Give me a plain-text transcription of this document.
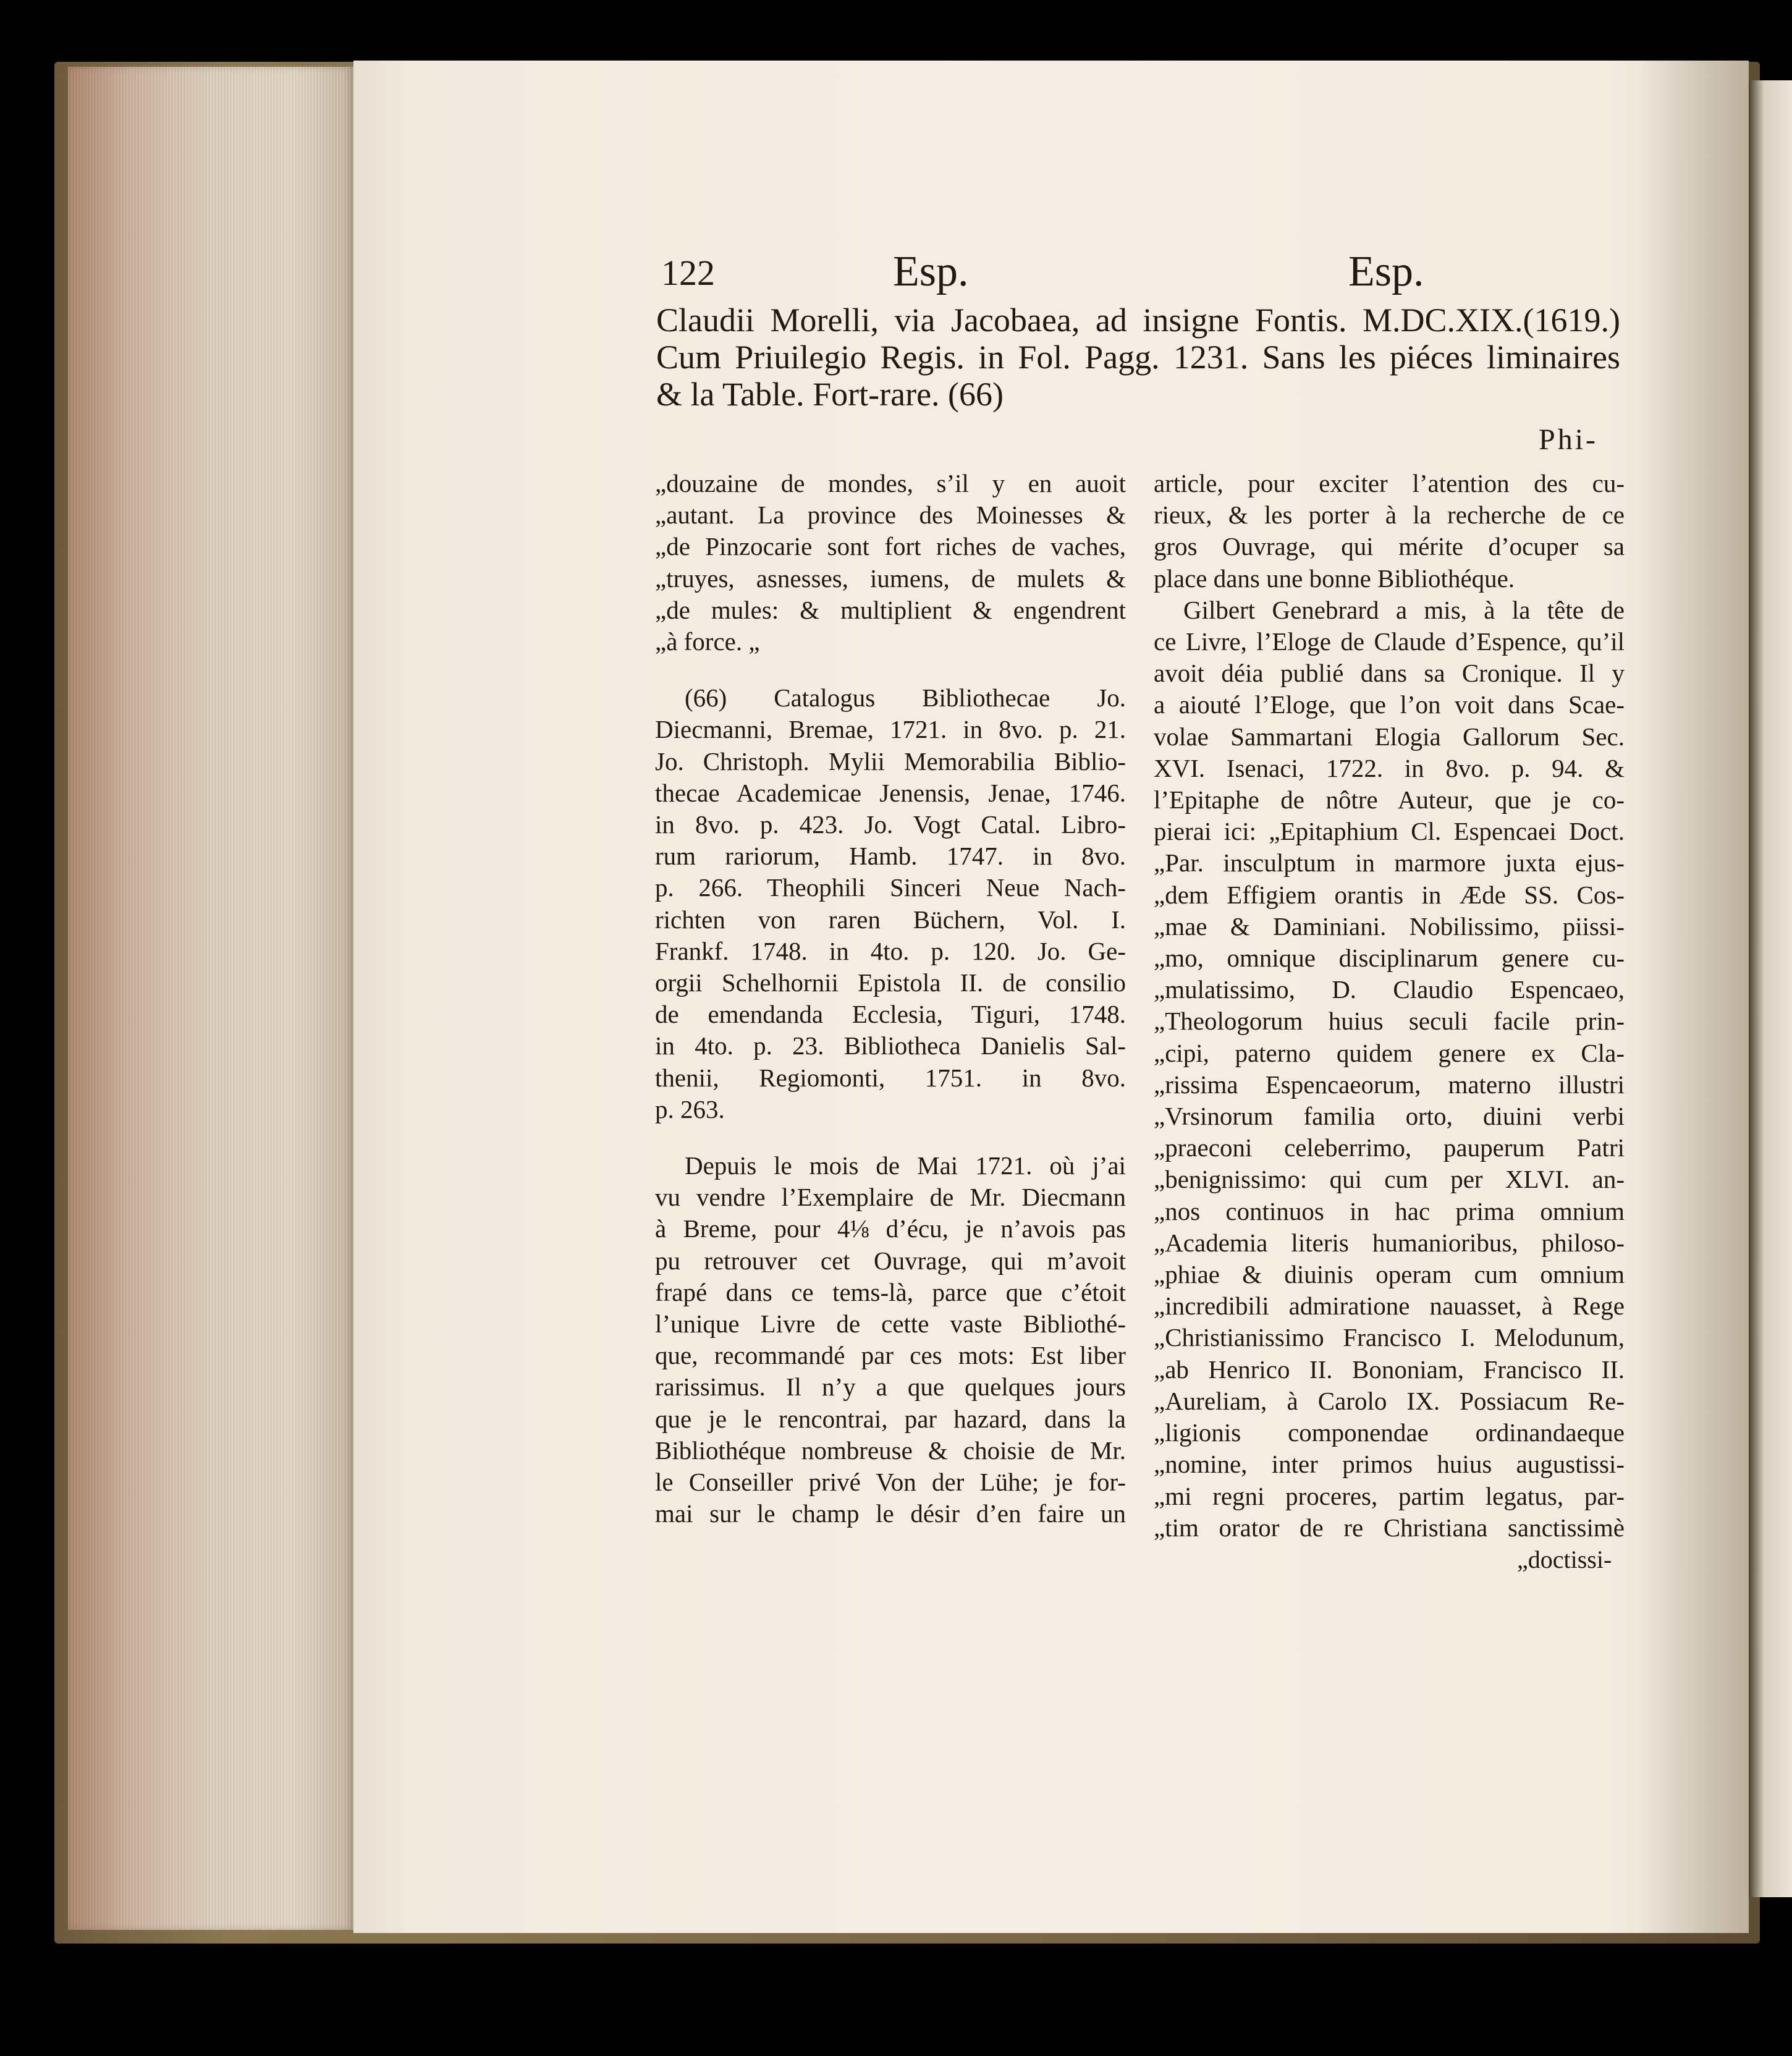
122	Esp.	Esp.

Claudii Morelli, via Jacobaea, ad insigne Fontis. M.DC.XIX.(1619.)

Cum Priuilegio Regis. in Fol. Pagg. 1231. Sans les piéces liminaires

& la Table. Fort-rare. (66)

Phi-

„douzaine de mondes, s’il y en auoit

„autant. La province des Moinesses &

„de Pinzocarie sont fort riches de vaches,

„truyes, asnesses, iumens, de mulets &

„de mules: & multiplient & engendrent

„à force. „

(66) Catalogus Bibliothecae Jo.

Diecmanni, Bremae, 1721. in 8vo. p. 21.

Jo. Christoph. Mylii Memorabilia Biblio-

thecae Academicae Jenensis, Jenae, 1746.

in 8vo. p. 423. Jo. Vogt Catal. Libro-

rum rariorum, Hamb. 1747. in 8vo.

p. 266. Theophili Sinceri Neue Nach-

richten von raren Büchern, Vol. I.

Frankf. 1748. in 4to. p. 120. Jo. Ge-

orgii Schelhornii Epistola II. de consilio

de emendanda Ecclesia, Tiguri, 1748.

in 4to. p. 23. Bibliotheca Danielis Sal-

thenii, Regiomonti, 1751. in 8vo.

p. 263.

Depuis le mois de Mai 1721. où j’ai

vu vendre l’Exemplaire de Mr. Diecmann

à Breme, pour 4⅛ d’écu, je n’avois pas

pu retrouver cet Ouvrage, qui m’avoit

frapé dans ce tems-là, parce que c’étoit

l’unique Livre de cette vaste Bibliothé-

que, recommandé par ces mots: Est liber

rarissimus. Il n’y a que quelques jours

que je le rencontrai, par hazard, dans la

Bibliothéque nombreuse & choisie de Mr.

le Conseiller privé Von der Lühe; je for-

mai sur le champ le désir d’en faire un

article, pour exciter l’atention des cu-

rieux, & les porter à la recherche de ce

gros Ouvrage, qui mérite d’ocuper sa

place dans une bonne Bibliothéque.

Gilbert Genebrard a mis, à la tête de

ce Livre, l’Eloge de Claude d’Espence, qu’il

avoit déia publié dans sa Cronique. Il y

a aiouté l’Eloge, que l’on voit dans Scae-

volae Sammartani Elogia Gallorum Sec.

XVI. Isenaci, 1722. in 8vo. p. 94. &

l’Epitaphe de nôtre Auteur, que je co-

pierai ici: „Epitaphium Cl. Espencaei Doct.

„Par. insculptum in marmore juxta ejus-

„dem Effigiem orantis in Æde SS. Cos-

„mae & Daminiani. Nobilissimo, piissi-

„mo, omnique disciplinarum genere cu-

„mulatissimo, D. Claudio Espencaeo,

„Theologorum huius seculi facile prin-

„cipi, paterno quidem genere ex Cla-

„rissima Espencaeorum, materno illustri

„Vrsinorum familia orto, diuini verbi

„praeconi celeberrimo, pauperum Patri

„benignissimo: qui cum per XLVI. an-

„nos continuos in hac prima omnium

„Academia literis humanioribus, philoso-

„phiae & diuinis operam cum omnium

„incredibili admiratione nauasset, à Rege

„Christianissimo Francisco I. Melodunum,

„ab Henrico II. Bononiam, Francisco II.

„Aureliam, à Carolo IX. Possiacum Re-

„ligionis componendae ordinandaeque

„nomine, inter primos huius augustissi-

„mi regni proceres, partim legatus, par-

„tim orator de re Christiana sanctissimè

„doctissi-
